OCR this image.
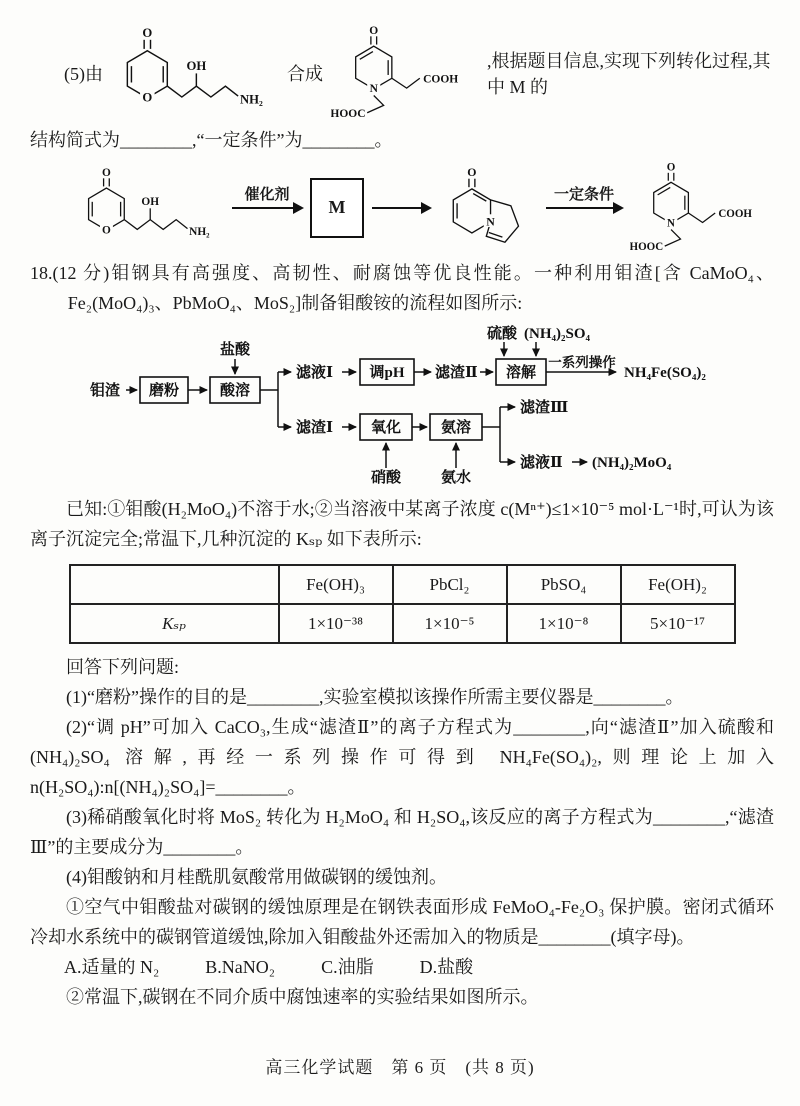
(5)由	合成
,根据题目信息,实现下列转化过程,其中 M 的

结构简式为________,“一定条件”为________。

催化剂
M
一定条件

18.(12 分)钼钢具有高强度、高韧性、耐腐蚀等优良性能。一种利用钼渣[含 CaMoO₄、Fe₂(MoO₄)₃、PbMoO₄、MoS₂]制备钼酸铵的流程如图所示:

钼渣 磨粉	酸溶
盐酸
滤液Ⅰ 调pH 滤渣Ⅱ 溶解
硫酸 (NH₄)₂SO₄
一系列操作
NH₄Fe(SO₄)₂
滤渣Ⅰ	氧化
硝酸
氨溶
氨水
滤渣Ⅲ
滤液Ⅱ (NH₄)₂MoO₄

已知:①钼酸(H₂MoO₄)不溶于水;②当溶液中某离子浓度 c(Mⁿ⁺)≤1×10⁻⁵ mol·L⁻¹时,可认为该离子沉淀完全;常温下,几种沉淀的 Kₛₚ 如下表所示:

	Fe(OH)₃	PbCl₂	PbSO₄	Fe(OH)₂
Kₛₚ	1×10⁻³⁸	1×10⁻⁵	1×10⁻⁸	5×10⁻¹⁷

回答下列问题:

(1)“磨粉”操作的目的是________,实验室模拟该操作所需主要仪器是________。

(2)“调 pH”可加入 CaCO₃,生成“滤渣Ⅱ”的离子方程式为________,向“滤渣Ⅱ”加入硫酸和(NH₄)₂SO₄ 溶解,再经一系列操作可得到 NH₄Fe(SO₄)₂,则理论上加入 n(H₂SO₄):n[(NH₄)₂SO₄]=________。

(3)稀硝酸氧化时将 MoS₂ 转化为 H₂MoO₄ 和 H₂SO₄,该反应的离子方程式为________,“滤渣Ⅲ”的主要成分为________。

(4)钼酸钠和月桂酰肌氨酸常用做碳钢的缓蚀剂。

①空气中钼酸盐对碳钢的缓蚀原理是在钢铁表面形成 FeMoO₄-Fe₂O₃ 保护膜。密闭式循环冷却水系统中的碳钢管道缓蚀,除加入钼酸盐外还需加入的物质是________(填字母)。

A.适量的 N₂	B.NaNO₂	C.油脂	D.盐酸

②常温下,碳钢在不同介质中腐蚀速率的实验结果如图所示。

高三化学试题　第 6 页　(共 8 页)
